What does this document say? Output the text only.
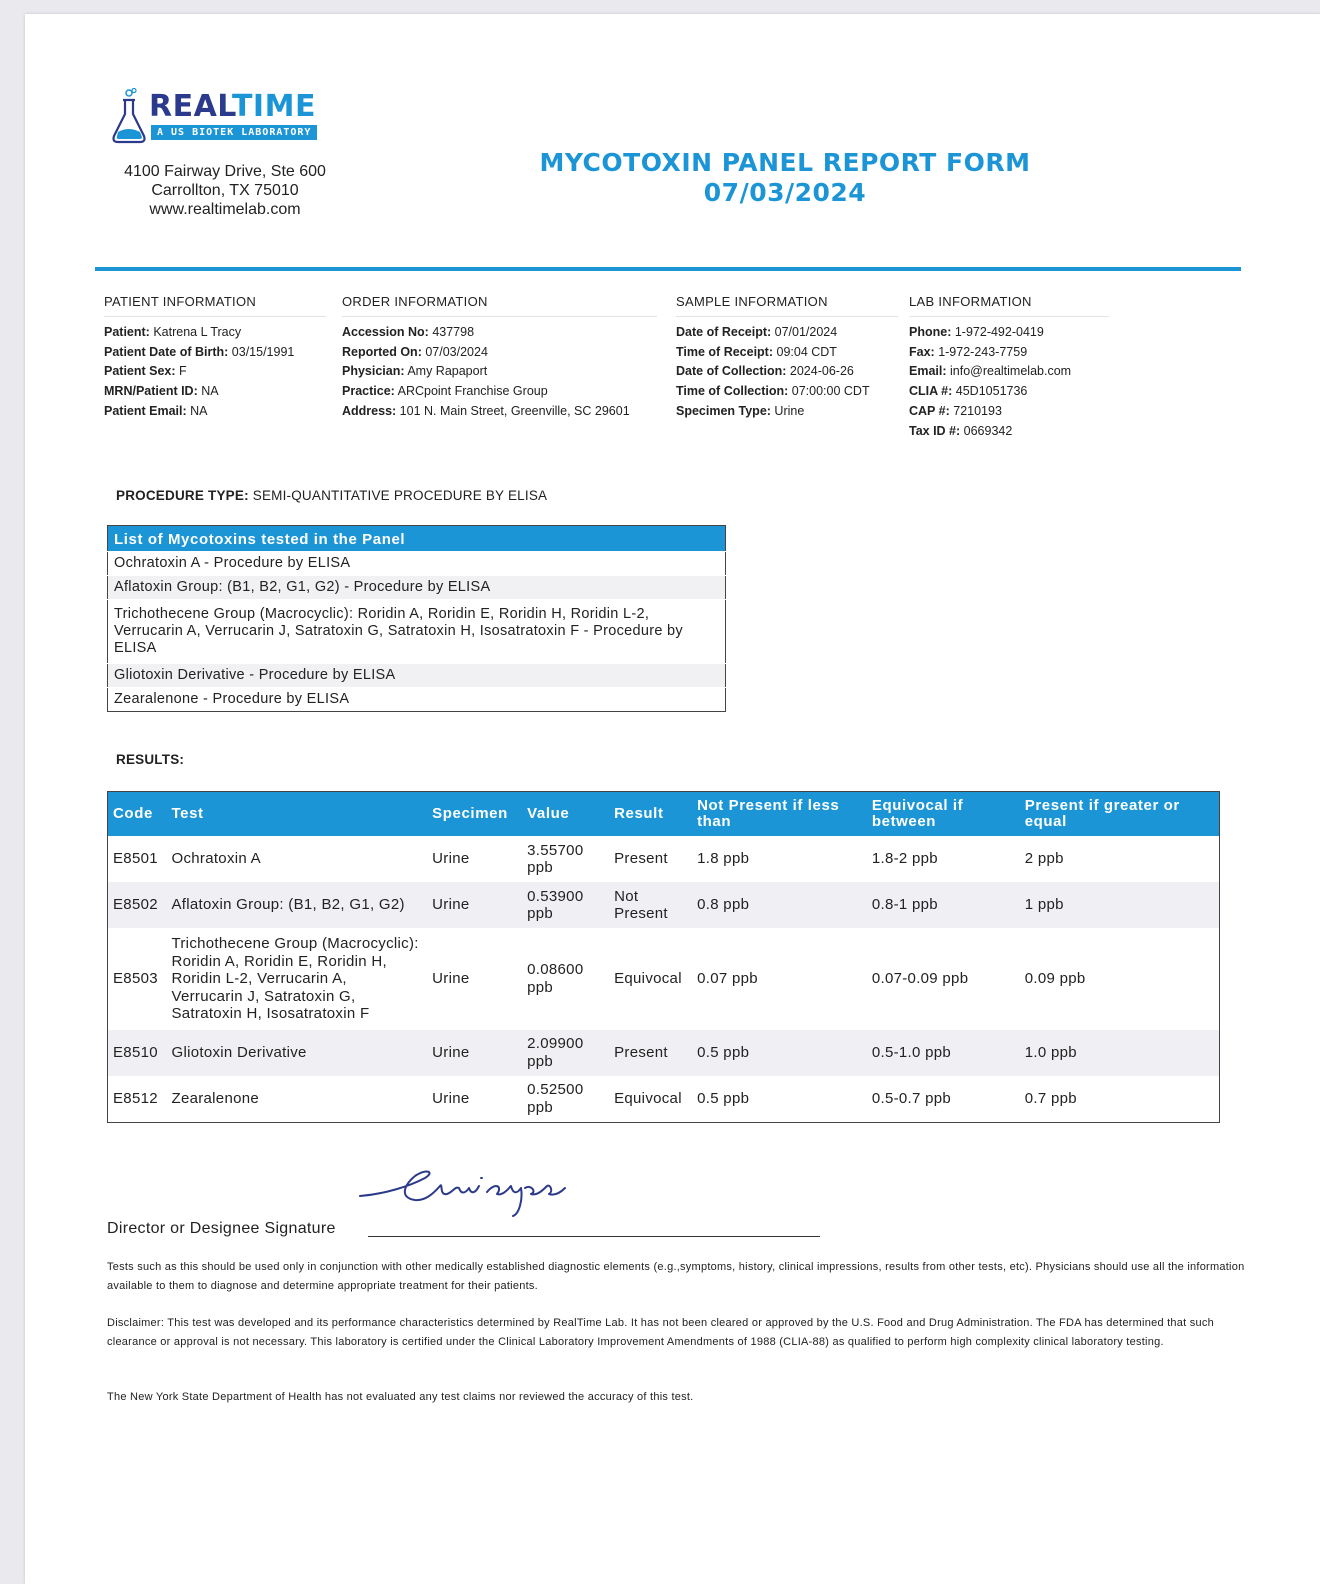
REALTIME
A US BIOTEK LABORATORY
4100 Fairway Drive, Ste 600
Carrollton, TX 75010
www.realtimelab.com
MYCOTOXIN PANEL REPORT FORM
07/03/2024
PATIENT INFORMATION
Patient: Katrena L Tracy
Patient Date of Birth: 03/15/1991
Patient Sex: F
MRN/Patient ID: NA
Patient Email: NA
ORDER INFORMATION
Accession No: 437798
Reported On: 07/03/2024
Physician: Amy Rapaport
Practice: ARCpoint Franchise Group
Address: 101 N. Main Street, Greenville, SC 29601
SAMPLE INFORMATION
Date of Receipt: 07/01/2024
Time of Receipt: 09:04 CDT
Date of Collection: 2024-06-26
Time of Collection: 07:00:00 CDT
Specimen Type: Urine
LAB INFORMATION
Phone: 1-972-492-0419
Fax: 1-972-243-7759
Email: info@realtimelab.com
CLIA #: 45D1051736
CAP #: 7210193
Tax ID #: 0669342
PROCEDURE TYPE: SEMI-QUANTITATIVE PROCEDURE BY ELISA
List of Mycotoxins tested in the Panel
Ochratoxin A - Procedure by ELISA
Aflatoxin Group: (B1, B2, G1, G2) - Procedure by ELISA
Trichothecene Group (Macrocyclic): Roridin A, Roridin E, Roridin H, Roridin L-2, Verrucarin A, Verrucarin J, Satratoxin G, Satratoxin H, Isosatratoxin F - Procedure by ELISA
Gliotoxin Derivative - Procedure by ELISA
Zearalenone - Procedure by ELISA
RESULTS:
Code	Test	Specimen	Value	Result	Not Present if less than	Equivocal if between	Present if greater or equal
E8501	Ochratoxin A	Urine	3.55700 ppb	Present	1.8 ppb	1.8-2 ppb	2 ppb
E8502	Aflatoxin Group: (B1, B2, G1, G2)	Urine	0.53900 ppb	Not Present	0.8 ppb	0.8-1 ppb	1 ppb
E8503	Trichothecene Group (Macrocyclic): Roridin A, Roridin E, Roridin H, Roridin L-2, Verrucarin A, Verrucarin J, Satratoxin G, Satratoxin H, Isosatratoxin F	Urine	0.08600 ppb	Equivocal	0.07 ppb	0.07-0.09 ppb	0.09 ppb
E8510	Gliotoxin Derivative	Urine	2.09900 ppb	Present	0.5 ppb	0.5-1.0 ppb	1.0 ppb
E8512	Zearalenone	Urine	0.52500 ppb	Equivocal	0.5 ppb	0.5-0.7 ppb	0.7 ppb
Director or Designee Signature
Tests such as this should be used only in conjunction with other medically established diagnostic elements (e.g.,symptoms, history, clinical impressions, results from other tests, etc). Physicians should use all the information available to them to diagnose and determine appropriate treatment for their patients.
Disclaimer: This test was developed and its performance characteristics determined by RealTime Lab. It has not been cleared or approved by the U.S. Food and Drug Administration. The FDA has determined that such clearance or approval is not necessary. This laboratory is certified under the Clinical Laboratory Improvement Amendments of 1988 (CLIA-88) as qualified to perform high complexity clinical laboratory testing.
The New York State Department of Health has not evaluated any test claims nor reviewed the accuracy of this test.
